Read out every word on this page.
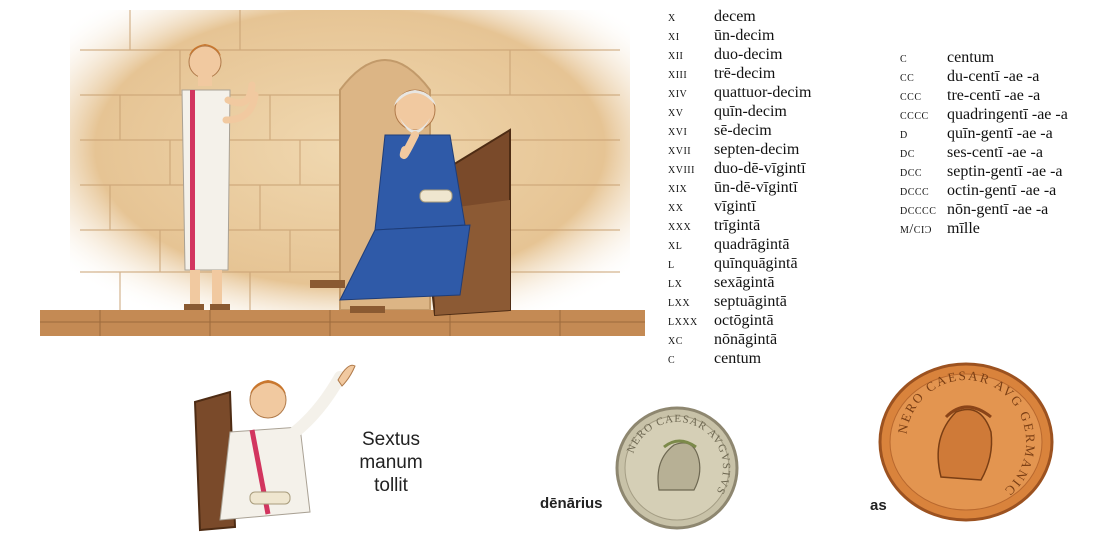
x	decem
xi	ūn-decim
xii	duo-decim
xiii	trē-decim
xiv	quattuor-decim
xv	quīn-decim
xvi	sē-decim
xvii	septen-decim
xviii	duo-dē-vīgintī
xix	ūn-dē-vīgintī
xx	vīgintī
xxx	trīgintā
xl	quadrāgintā
l	quīnquāgintā
lx	sexāgintā
lxx	septuāgintā
lxxx	octōgintā
xc	nōnāgintā
c	centum
c	centum
cc	du-centī -ae -a
ccc	tre-centī -ae -a
cccc	quadringentī -ae -a
d	quīn-gentī -ae -a
dc	ses-centī -ae -a
dcc	septin-gentī -ae -a
dccc	octin-gentī -ae -a
dcccc nōn-gentī -ae -a
m/ciɔ mīlle
Sextus
manum
tollit
dēnārius
NERO CAESAR AVGVSTVS
as
NERO CAESAR AVG GERMANIC
